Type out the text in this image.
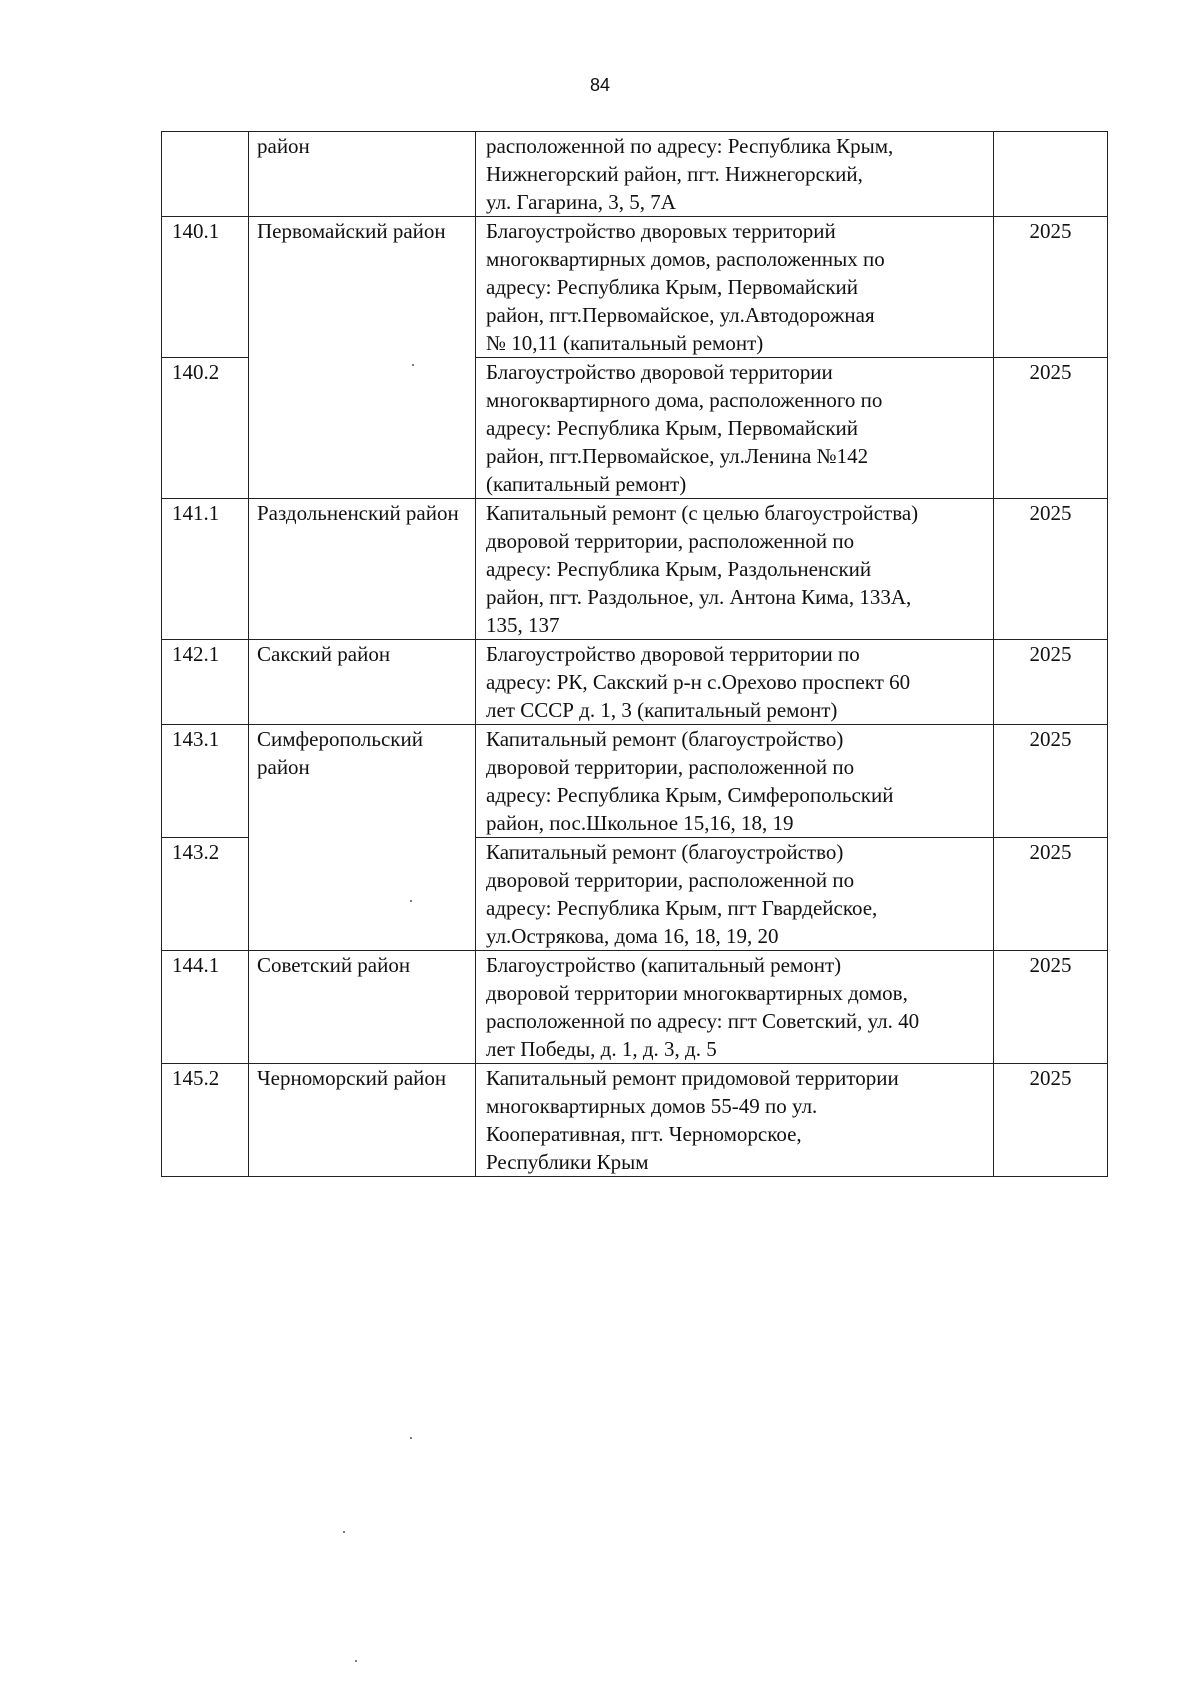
84
	район	расположенной по адресу: Республика Крым,
Нижнегорский район, пгт. Нижнегорский,
ул. Гагарина, 3, 5, 7А	

140.1	Первомайский район	Благоустройство дворовых территорий
многоквартирных домов, расположенных по
адресу: Республика Крым, Первомайский
район, пгт.Первомайское, ул.Автодорожная
№ 10,11 (капитальный ремонт)	2025
140.2		Благоустройство дворовой территории
многоквартирного дома, расположенного по
адресу: Республика Крым, Первомайский
район, пгт.Первомайское, ул.Ленина №142
(капитальный ремонт)	2025
141.1	Раздольненский район	Капитальный ремонт (с целью благоустройства)
дворовой территории, расположенной по
адресу: Республика Крым, Раздольненский
район, пгт. Раздольное, ул. Антона Кима, 133А,
135, 137	2025
142.1	Сакский район	Благоустройство дворовой территории по
адресу: РК, Сакский р-н с.Орехово проспект 60
лет СССР д. 1, 3 (капитальный ремонт)	2025
143.1	Симферопольский район	Капитальный ремонт (благоустройство)
дворовой территории, расположенной по
адресу: Республика Крым, Симферопольский
район, пос.Школьное 15,16, 18, 19	2025
143.2		Капитальный ремонт (благоустройство)
дворовой территории, расположенной по
адресу: Республика Крым, пгт Гвардейское,
ул.Острякова, дома 16, 18, 19, 20	2025
144.1	Советский район	Благоустройство (капитальный ремонт)
дворовой территории многоквартирных домов,
расположенной по адресу: пгт Советский, ул. 40
лет Победы, д. 1, д. 3, д. 5	2025
145.2	Черноморский район	Капитальный ремонт придомовой территории
многоквартирных домов 55-49 по ул.
Кооперативная, пгт. Черноморское,
Республики Крым	2025
